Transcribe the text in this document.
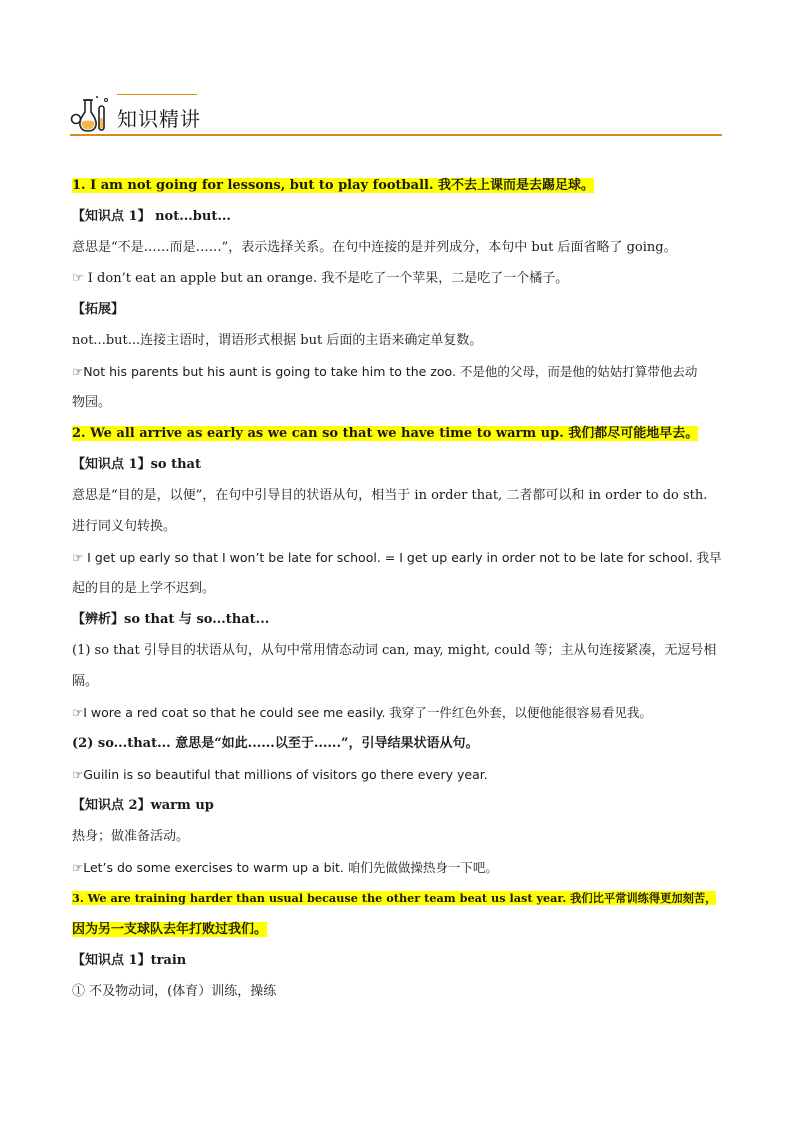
知识精讲
1. I am not going for lessons, but to play football. 我不去上课而是去踢足球。
【知识点 1】 not...but...
意思是“不是……而是……”，表示选择关系。在句中连接的是并列成分，本句中 but 后面省略了 going。
☞ I don’t eat an apple but an orange. 我不是吃了一个苹果，二是吃了一个橘子。
【拓展】
not...but...连接主语时，谓语形式根据 but 后面的主语来确定单复数。
☞Not his parents but his aunt is going to take him to the zoo. 不是他的父母，而是他的姑姑打算带他去动
物园。
2. We all arrive as early as we can so that we have time to warm up. 我们都尽可能地早去。
【知识点 1】so that
意思是“目的是，以便”，在句中引导目的状语从句，相当于 in order that, 二者都可以和 in order to do sth.
进行同义句转换。
☞ I get up early so that I won’t be late for school. = I get up early in order not to be late for school. 我早
起的目的是上学不迟到。
【辨析】so that 与 so...that...
(1) so that 引导目的状语从句，从句中常用情态动词 can, may, might, could 等；主从句连接紧凑，无逗号相
隔。
☞I wore a red coat so that he could see me easily. 我穿了一件红色外套，以便他能很容易看见我。
(2) so...that... 意思是“如此......以至于......”，引导结果状语从句。
☞Guilin is so beautiful that millions of visitors go there every year.
【知识点 2】warm up
热身；做准备活动。
☞Let’s do some exercises to warm up a bit. 咱们先做做操热身一下吧。
3. We are training harder than usual because the other team beat us last year. 我们比平常训练得更加刻苦，
因为另一支球队去年打败过我们。
【知识点 1】train
① 不及物动词，(体育）训练，操练
